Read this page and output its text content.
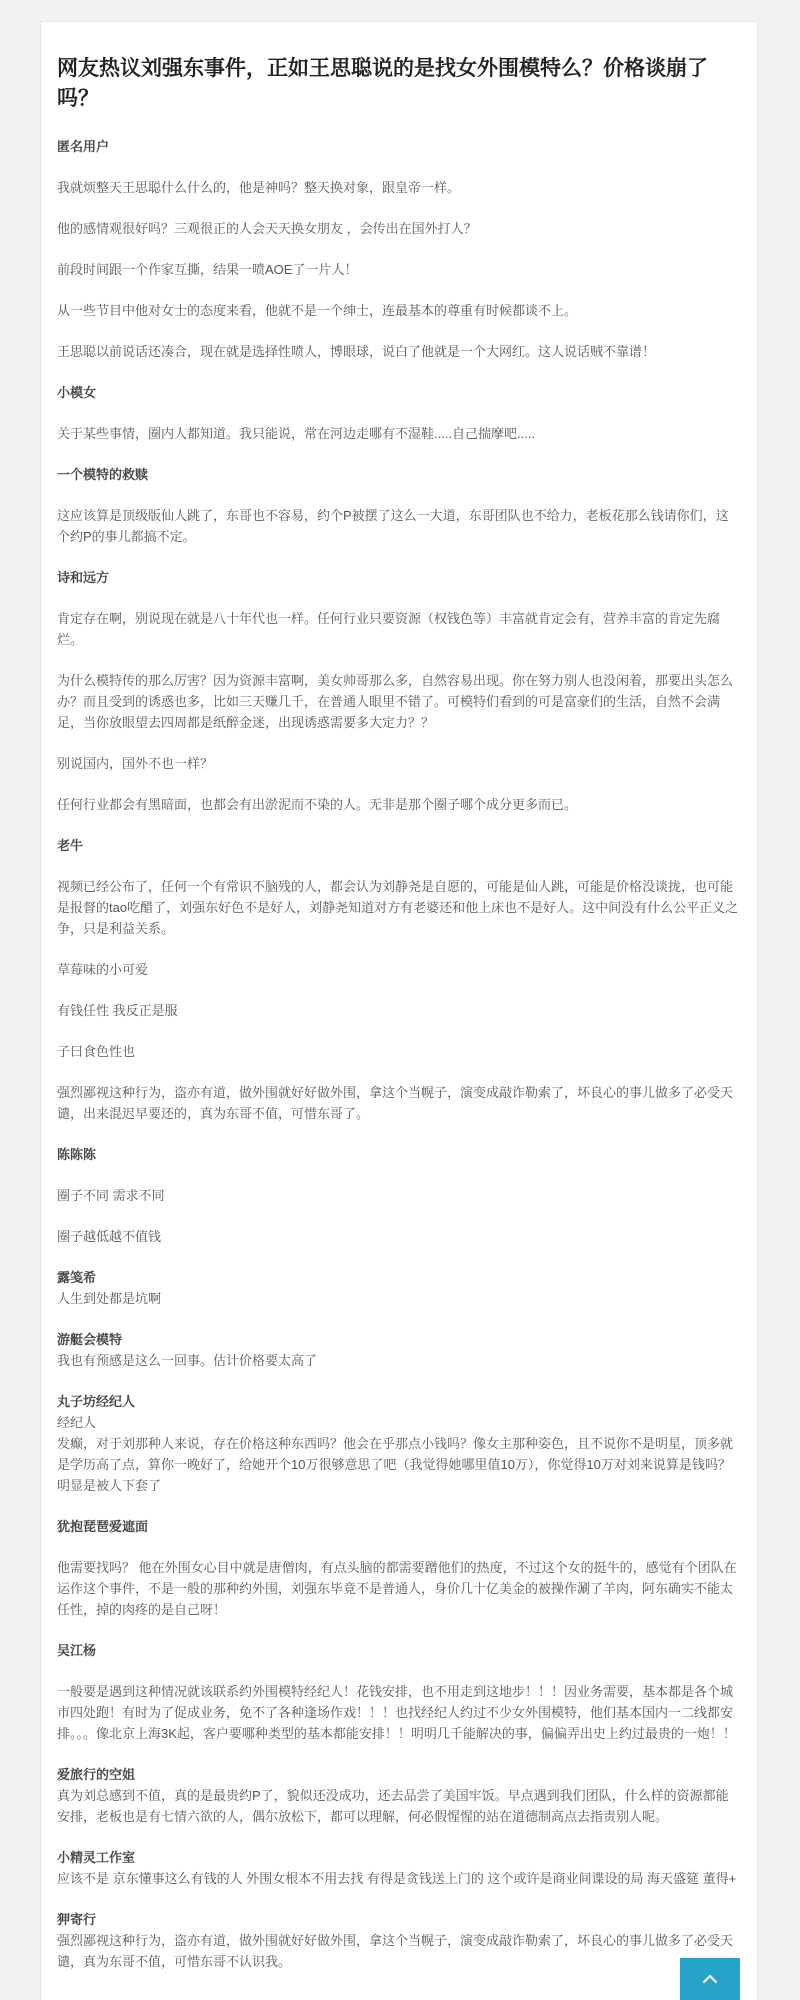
网友热议刘强东事件，正如王思聪说的是找女外围模特么？价格谈崩了吗？

匿名用户

我就烦整天王思聪什么什么的，他是神吗？整天换对象，跟皇帝一样。

他的感情观很好吗？三观很正的人会天天换女朋友 ，会传出在国外打人？

前段时间跟一个作家互撕，结果一喷AOE了一片人！

从一些节目中他对女士的态度来看，他就不是一个绅士，连最基本的尊重有时候都谈不上。

王思聪以前说话还凑合，现在就是选择性喷人，博眼球，说白了他就是一个大网红。这人说话贼不靠谱！

小模女

关于某些事情，圈内人都知道。我只能说，常在河边走哪有不湿鞋.....自己揣摩吧.....

一个模特的救赎

这应该算是顶级版仙人跳了，东哥也不容易，约个P被摆了这么一大道，东哥团队也不给力，老板花那么钱请你们，这个约P的事儿都搞不定。

诗和远方

肯定存在啊，别说现在就是八十年代也一样。任何行业只要资源（权钱色等）丰富就肯定会有，营养丰富的肯定先腐烂。

为什么模特传的那么厉害？因为资源丰富啊，美女帅哥那么多，自然容易出现。你在努力别人也没闲着，那要出头怎么办？而且受到的诱惑也多，比如三天赚几千，在普通人眼里不错了。可模特们看到的可是富豪们的生活，自然不会满足，当你放眼望去四周都是纸醉金迷，出现诱惑需要多大定力？？

别说国内，国外不也一样？

任何行业都会有黑暗面，也都会有出淤泥而不染的人。无非是那个圈子哪个成分更多而已。

老牛

视频已经公布了，任何一个有常识不脑残的人，都会认为刘静尧是自愿的，可能是仙人跳，可能是价格没谈拢，也可能是报督的tao吃醋了，刘强东好色不是好人，刘静尧知道对方有老婆还和他上床也不是好人。这中间没有什么公平正义之争，只是利益关系。

草莓味的小可爱

有钱任性 我反正是服

子曰食色性也

强烈鄙视这种行为，盗亦有道，做外围就好好做外围，拿这个当幌子，演变成敲诈勒索了，坏良心的事儿做多了必受天谴，出来混迟早要还的，真为东哥不值，可惜东哥了。

陈陈陈

圈子不同 需求不同

圈子越低越不值钱

露笺希

人生到处都是坑啊

游艇会模特

我也有预感是这么一回事。估计价格要太高了

丸子坊经纪人

经纪人

发癫，对于刘那种人来说，存在价格这种东西吗？他会在乎那点小钱吗？像女主那种姿色，且不说你不是明星，顶多就是学历高了点，算你一晚好了，给她开个10万很够意思了吧（我觉得她哪里值10万），你觉得10万对刘来说算是钱吗？明显是被人下套了

犹抱琵琶爱遮面

他需要找吗？ 他在外围女心目中就是唐僧肉，有点头脑的都需要蹭他们的热度，不过这个女的挺牛的，感觉有个团队在运作这个事件，不是一般的那种约外围，刘强东毕竟不是普通人，身价几十亿美金的被操作涮了羊肉，阿东确实不能太任性，掉的肉疼的是自己呀！

吴江杨

一般要是遇到这种情况就该联系约外围模特经纪人！花钱安排，也不用走到这地步！！！因业务需要，基本都是各个城市四处跑！有时为了促成业务，免不了各种逢场作戏！！！也找经纪人约过不少女外围模特，他们基本国内一二线都安排。。。像北京上海3K起，客户要哪种类型的基本都能安排！！明明几千能解决的事，偏偏弄出史上约过最贵的一炮！！

爱旅行的空姐

真为刘总感到不值，真的是最贵约P了，貌似还没成功，还去品尝了美国牢饭。早点遇到我们团队，什么样的资源都能安排，老板也是有七情六欲的人，偶尔放松下，都可以理解，何必假惺惺的站在道德制高点去指责别人呢。

小精灵工作室

应该不是 京东懂事这么有钱的人 外围女根本不用去找 有得是贪钱送上门的 这个或许是商业间谍设的局 海天盛筵 董得+

狎寄行

强烈鄙视这种行为，盗亦有道，做外围就好好做外围，拿这个当幌子，演变成敲诈勒索了，坏良心的事儿做多了必受天谴，真为东哥不值，可惜东哥不认识我。
